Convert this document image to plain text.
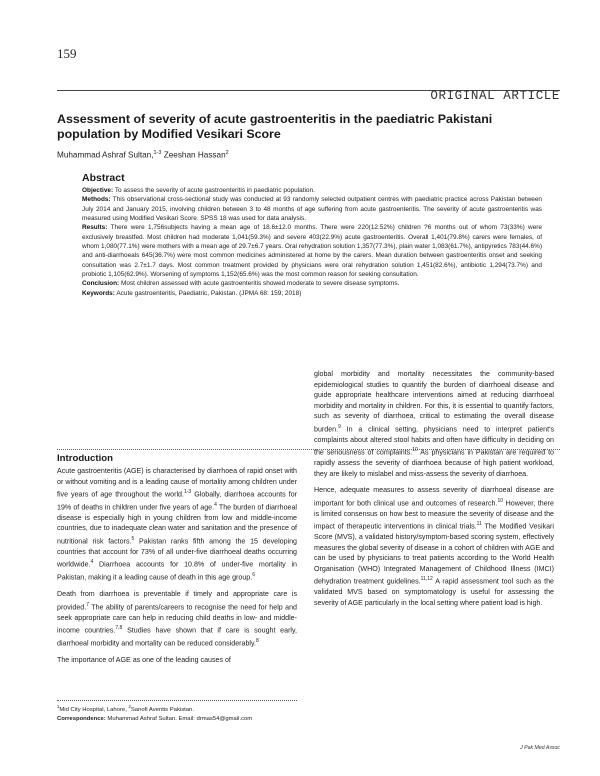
159
ORIGINAL ARTICLE
Assessment of severity of acute gastroenteritis in the paediatric Pakistani population by Modified Vesikari Score
Muhammad Ashraf Sultan,$^{1-3}$ Zeeshan Hassan$^2$
Abstract

Objective: To assess the severity of acute gastroenteritis in paediatric population.

Methods: This observational cross-sectional study was conducted at 93 randomly selected outpatient centres with paediatric practice across Pakistan between July 2014 and January 2015, involving children between 3 to 48 months of age suffering from acute gastroenteritis. The severity of acute gastroenteritis was measured using Modified Vesikari Score. SPSS 18 was used for data analysis.

Results: There were 1,756subjects having a mean age of 18.6±12.0 months. There were 220(12.52%) children ?6 months out of whom 73(33%) were exclusively breastfed. Most children had moderate 1,041(59.3%) and severe 403(22.9%) acute gastroenteritis. Overall 1,401(79.8%) carers were females, of whom 1,080(77.1%) were mothers with a mean age of 29.7±6.7 years. Oral rehydration solution 1,357(77.3%), plain water 1,083(61.7%), antipyretics 783(44.6%) and anti-diarrhoeals 645(36.7%) were most common medicines administered at home by the carers. Mean duration between gastroenteritis onset and seeking consultation was 2.7±1.7 days. Most common treatment provided by physicians were oral rehydration solution 1,451(82.6%), antibiotic 1,294(73.7%) and probiotic 1,105(62.9%). Worsening of symptoms 1,152(65.6%) was the most common reason for seeking consultation.

Conclusion: Most children assessed with acute gastroenteritis showed moderate to severe disease symptoms.

Keywords: Acute gastroenteritis, Paediatric, Pakistan. (JPMA 68: 159; 2018)

Introduction

Acute gastroenteritis (AGE) is characterised by diarrhoea of rapid onset with or without vomiting and is a leading cause of mortality among children under five years of age throughout the world.$^{1-3}$ Globally, diarrhoea accounts for 19% of deaths in children under five years of age.$^4$ The burden of diarrhoeal disease is especially high in young children from low and middle-income countries, due to inadequate clean water and sanitation and the presence of nutritional risk factors.$^5$ Pakistan ranks fifth among the 15 developing countries that account for 73% of all under-five diarrhoeal deaths occurring worldwide.$^4$ Diarrhoea accounts for 10.8% of under-five mortality in Pakistan, making it a leading cause of death in this age group.$^6$

Death from diarrhoea is preventable if timely and appropriate care is provided.$^7$ The ability of parents/careers to recognise the need for help and seek appropriate care can help in reducing child deaths in low- and middle-income countries.$^{7,8}$ Studies have shown that if care is sought early, diarrhoeal morbidity and mortality can be reduced considerably.$^8$

The importance of AGE as one of the leading causes of

global morbidity and mortality necessitates the community-based epidemiological studies to quantify the burden of diarrhoeal disease and guide appropriate healthcare interventions aimed at reducing diarrhoeal morbidity and mortality in children. For this, it is essential to quantify factors, such as severity of diarrhoea, critical to estimating the overall disease burden.$^9$ In a clinical setting, physicians need to interpret patient's complaints about altered stool habits and often have difficulty in deciding on the seriousness of complaints.$^{10}$ As physicians in Pakistan are required to rapidly assess the severity of diarrhoea because of high patient workload, they are likely to mislabel and miss-assess the severity of diarrhoea.

Hence, adequate measures to assess severity of diarrhoeal disease are important for both clinical use and outcomes of research.$^{10}$ However, there is limited consensus on how best to measure the severity of disease and the impact of therapeutic interventions in clinical trials.$^{11}$ The Modified Vesikari Score (MVS), a validated history/symptom-based scoring system, effectively measures the global severity of disease in a cohort of children with AGE and can be used by physicians to treat patients according to the World Health Organisation (WHO) Integrated Management of Childhood Illness (IMCI) dehydration treatment guidelines.$^{11,12}$ A rapid assessment tool such as the validated MVS based on symptomatology is useful for assessing the severity of AGE particularly in the local setting where patient load is high.

$^1$Mid City Hospital, Lahore, $^2$Sanofi Aventis Pakistan.
Correspondence: Muhammad Ashraf Sultan. Email: drmas54@gmail.com
J Pak Med Assoc
